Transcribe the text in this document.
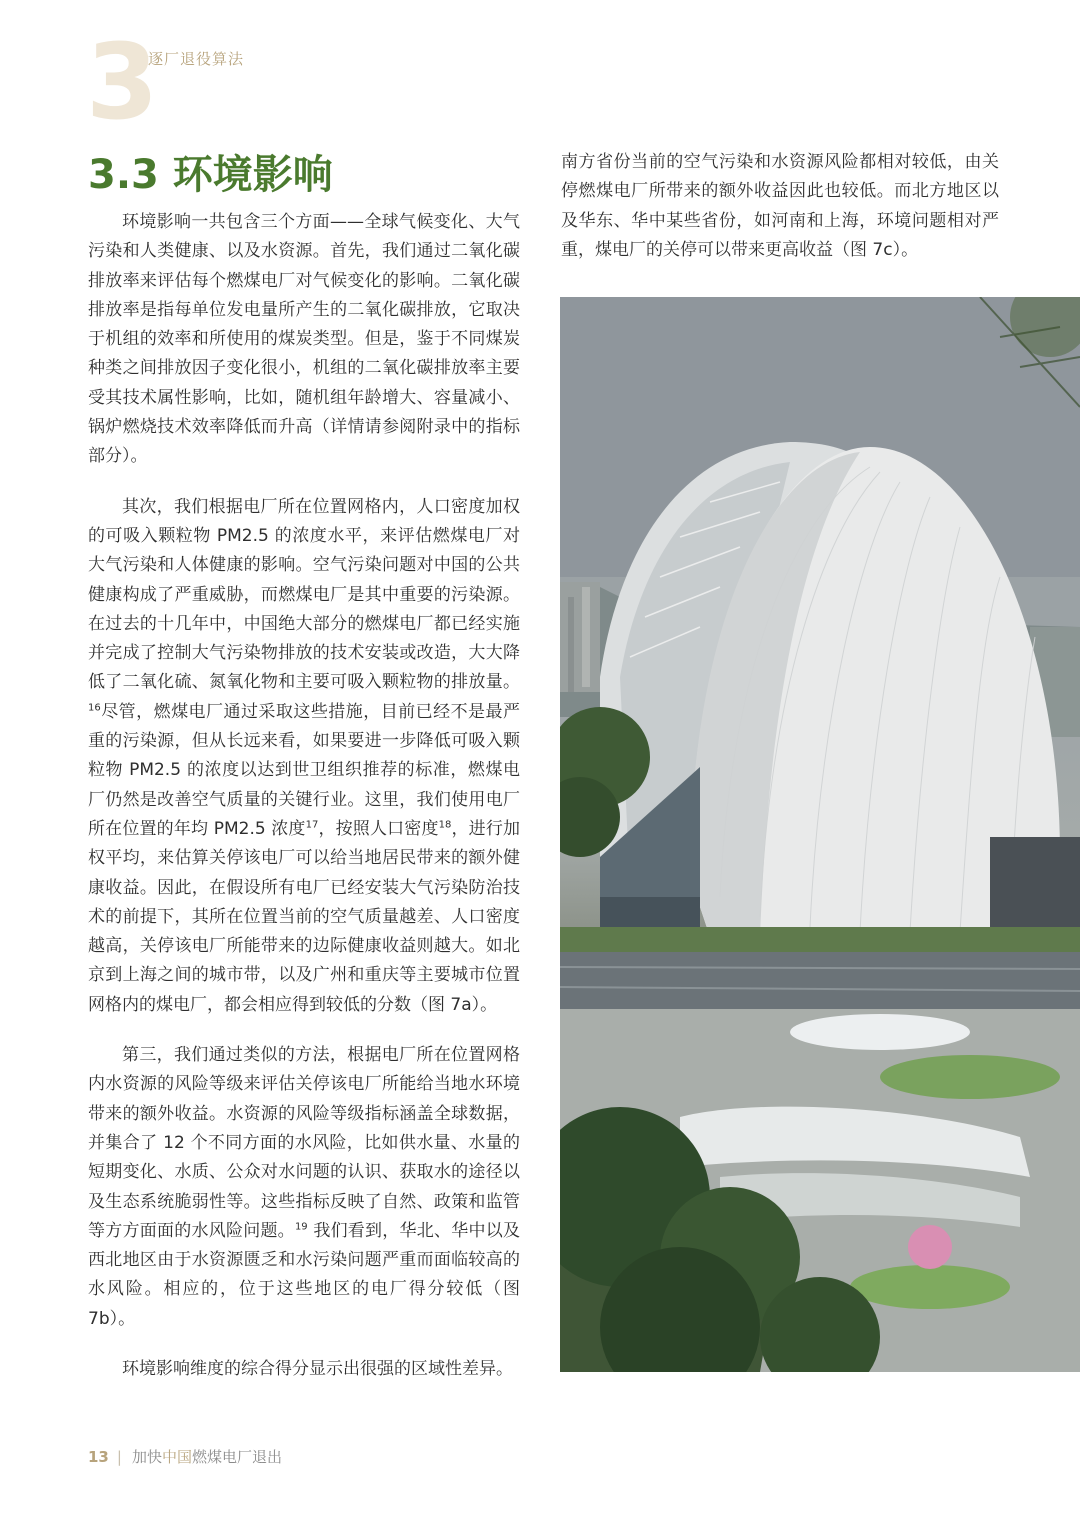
3
逐厂退役算法
3.3 环境影响

环境影响一共包含三个方面——全球气候变化、大气污染和人类健康、以及水资源。首先，我们通过二氧化碳排放率来评估每个燃煤电厂对气候变化的影响。二氧化碳排放率是指每单位发电量所产生的二氧化碳排放，它取决于机组的效率和所使用的煤炭类型。但是，鉴于不同煤炭种类之间排放因子变化很小，机组的二氧化碳排放率主要受其技术属性影响，比如，随机组年龄增大、容量减小、锅炉燃烧技术效率降低而升高（详情请参阅附录中的指标部分）。

其次，我们根据电厂所在位置网格内，人口密度加权的可吸入颗粒物 PM2.5 的浓度水平，来评估燃煤电厂对大气污染和人体健康的影响。空气污染问题对中国的公共健康构成了严重威胁，而燃煤电厂是其中重要的污染源。在过去的十几年中，中国绝大部分的燃煤电厂都已经实施并完成了控制大气污染物排放的技术安装或改造，大大降低了二氧化硫、氮氧化物和主要可吸入颗粒物的排放量。$^{16}$尽管，燃煤电厂通过采取这些措施，目前已经不是最严重的污染源，但从长远来看，如果要进一步降低可吸入颗粒物 PM2.5 的浓度以达到世卫组织推荐的标准，燃煤电厂仍然是改善空气质量的关键行业。这里，我们使用电厂所在位置的年均 PM2.5 浓度$^{17}$，按照人口密度$^{18}$，进行加权平均，来估算关停该电厂可以给当地居民带来的额外健康收益。因此，在假设所有电厂已经安装大气污染防治技术的前提下，其所在位置当前的空气质量越差、人口密度越高，关停该电厂所能带来的边际健康收益则越大。如北京到上海之间的城市带，以及广州和重庆等主要城市位置网格内的煤电厂，都会相应得到较低的分数（图 7a）。

第三，我们通过类似的方法，根据电厂所在位置网格内水资源的风险等级来评估关停该电厂所能给当地水环境带来的额外收益。水资源的风险等级指标涵盖全球数据，并集合了 12 个不同方面的水风险，比如供水量、水量的短期变化、水质、公众对水问题的认识、获取水的途径以及生态系统脆弱性等。这些指标反映了自然、政策和监管等方方面面的水风险问题。$^{19}$ 我们看到，华北、华中以及西北地区由于水资源匮乏和水污染问题严重而面临较高的水风险。相应的，位于这些地区的电厂得分较低（图 7b）。

环境影响维度的综合得分显示出很强的区域性差异。

南方省份当前的空气污染和水资源风险都相对较低，由关停燃煤电厂所带来的额外收益因此也较低。而北方地区以及华东、华中某些省份，如河南和上海，环境问题相对严重，煤电厂的关停可以带来更高收益（图 7c）。

13 | 加快中国燃煤电厂退出
